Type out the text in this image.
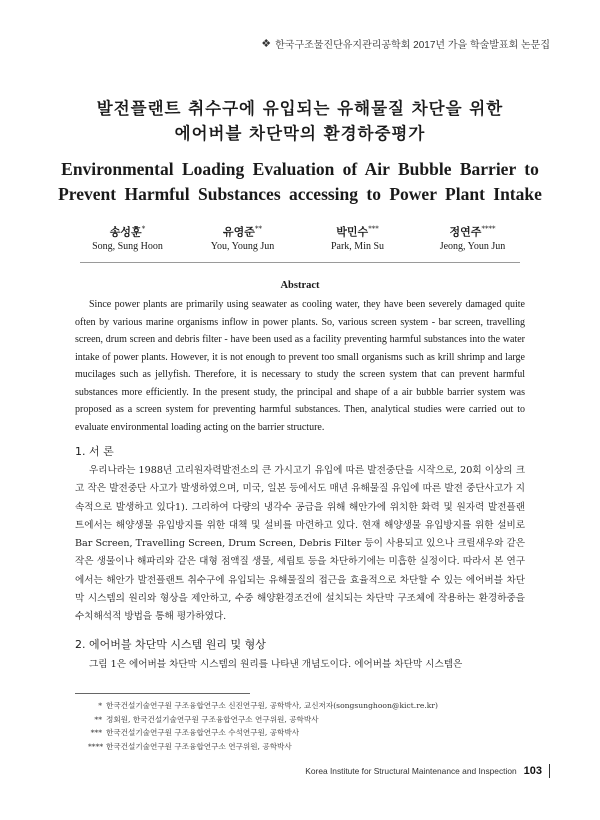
❖ 한국구조물진단유지관리공학회 2017년 가을 학술발표회 논문집
발전플랜트 취수구에 유입되는 유해물질 차단을 위한
에어버블 차단막의 환경하중평가
Environmental Loading Evaluation of Air Bubble Barrier to
Prevent Harmful Substances accessing to Power Plant Intake
송성훈*
Song, Sung Hoon
유영준**
You, Young Jun
박민수***
Park, Min Su
정연주****
Jeong, Youn Jun
Abstract

Since power plants are primarily using seawater as cooling water, they have been severely damaged quite often by various marine organisms inflow in power plants. So, various screen system - bar screen, travelling screen, drum screen and debris filter - have been used as a facility preventing harmful substances into the water intake of power plants. However, it is not enough to prevent too small organisms such as krill shrimp and large mucilages such as jellyfish. Therefore, it is necessary to study the screen system that can prevent harmful substances more efficiently. In the present study, the principal and shape of a air bubble barrier system was proposed as a screen system for preventing harmful substances. Then, analytical studies were carried out to evaluate environmental loading acting on the barrier structure.

1. 서 론

우리나라는 1988년 고리원자력발전소의 큰 가시고기 유입에 따른 발전중단을 시작으로, 20회 이상의 크고 작은 발전중단 사고가 발생하였으며, 미국, 일본 등에서도 매년 유해물질 유입에 따른 발전 중단사고가 지속적으로 발생하고 있다1). 그리하여 다량의 냉각수 공급을 위해 해안가에 위치한 화력 및 원자력 발전플랜트에서는 해양생물 유입방지를 위한 대책 및 설비를 마련하고 있다. 현재 해양생물 유입방지를 위한 설비로 Bar Screen, Travelling Screen, Drum Screen, Debris Filter 등이 사용되고 있으나 크릴새우와 같은 작은 생물이나 해파리와 같은 대형 점액질 생물, 세립토 등을 차단하기에는 미흡한 실정이다. 따라서 본 연구에서는 해안가 발전플랜트 취수구에 유입되는 유해물질의 접근을 효율적으로 차단할 수 있는 에어버블 차단막 시스템의 원리와 형상을 제안하고, 수중 해양환경조건에 설치되는 차단막 구조체에 작용하는 환경하중을 수치해석적 방법을 통해 평가하였다.

2. 에어버블 차단막 시스템 원리 및 형상

그림 1은 에어버블 차단막 시스템의 원리를 나타낸 개념도이다. 에어버블 차단막 시스템은

* 한국건설기술연구원 구조융합연구소 신진연구원, 공학박사, 교신저자(songsunghoon@kict.re.kr)
** 정회원, 한국건설기술연구원 구조융합연구소 연구위원, 공학박사
*** 한국건설기술연구원 구조융합연구소 수석연구원, 공학박사
**** 한국건설기술연구원 구조융합연구소 연구위원, 공학박사
Korea Institute for Structural Maintenance and Inspection 103
